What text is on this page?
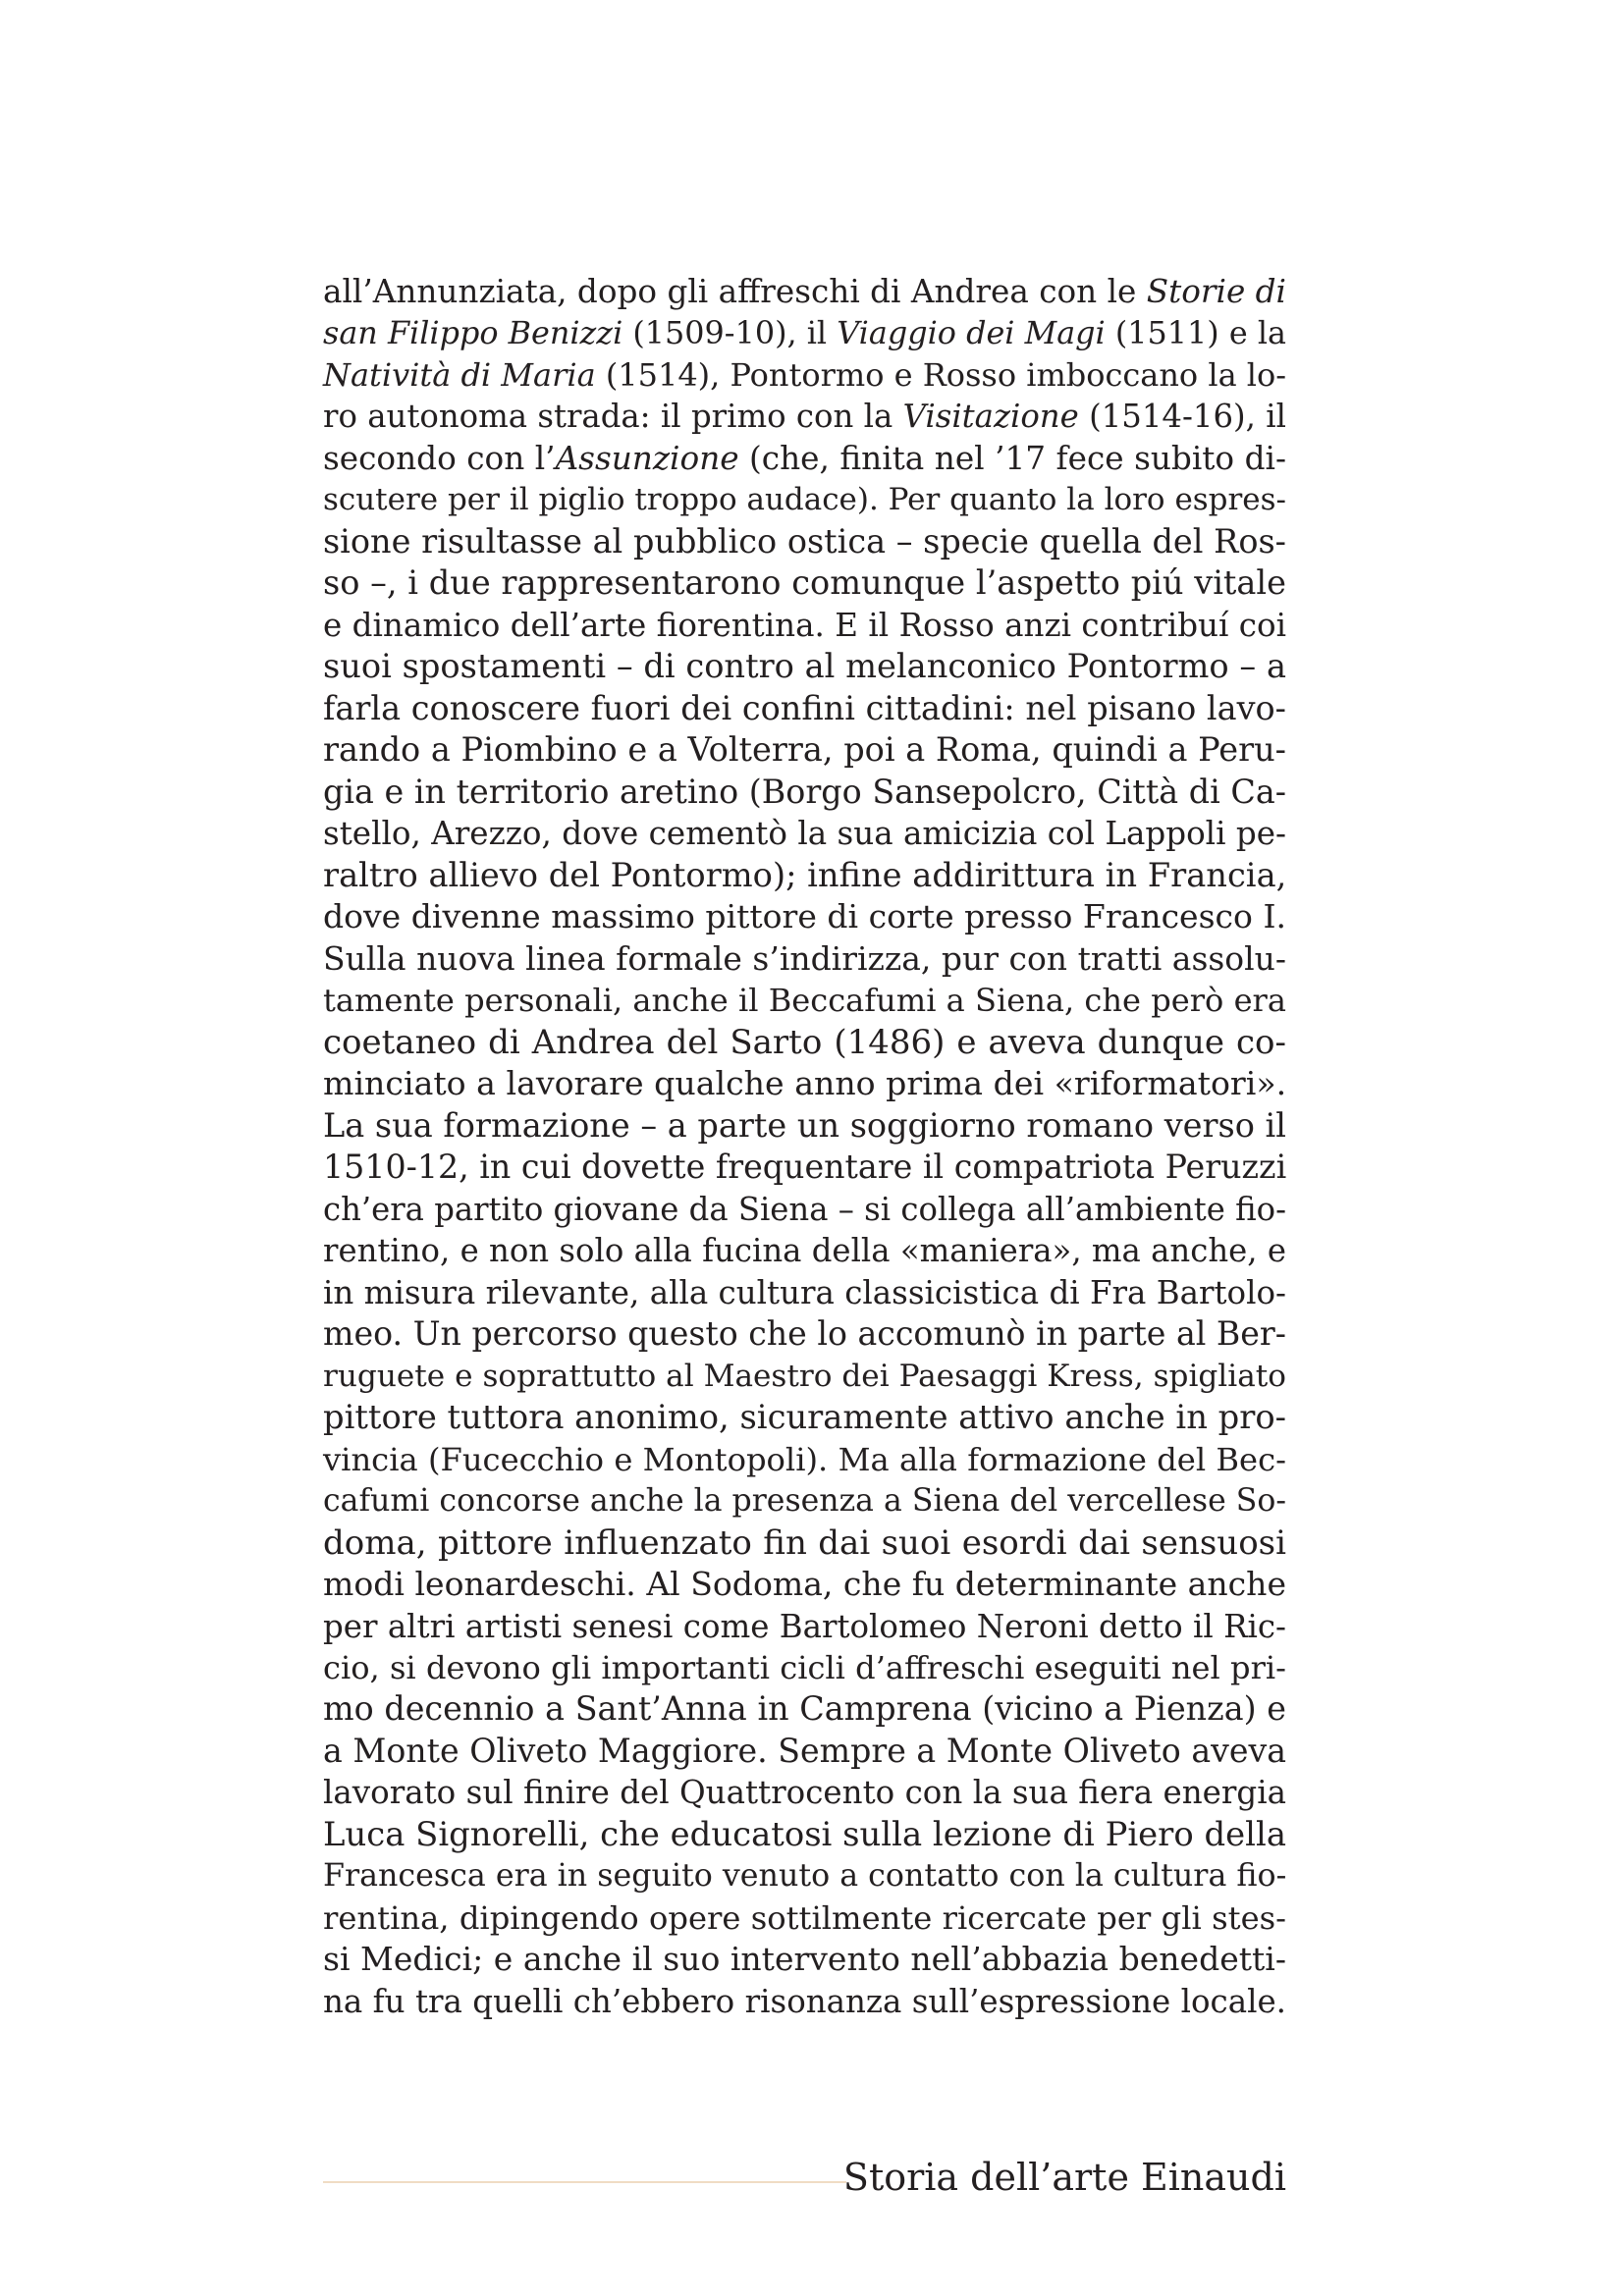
all’Annunziata, dopo gli affreschi di Andrea con le Storie di
san Filippo Benizzi (1509-10), il Viaggio dei Magi (1511) e la
Natività di Maria (1514), Pontormo e Rosso imboccano la lo-
ro autonoma strada: il primo con la Visitazione (1514-16), il
secondo con l’Assunzione (che, finita nel ’17 fece subito di-
scutere per il piglio troppo audace). Per quanto la loro espres-
sione risultasse al pubblico ostica – specie quella del Ros-
so –, i due rappresentarono comunque l’aspetto piú vitale
e dinamico dell’arte fiorentina. E il Rosso anzi contribuí coi
suoi spostamenti – di contro al melanconico Pontormo – a
farla conoscere fuori dei confini cittadini: nel pisano lavo-
rando a Piombino e a Volterra, poi a Roma, quindi a Peru-
gia e in territorio aretino (Borgo Sansepolcro, Città di Ca-
stello, Arezzo, dove cementò la sua amicizia col Lappoli pe-
raltro allievo del Pontormo); infine addirittura in Francia,
dove divenne massimo pittore di corte presso Francesco I.
Sulla nuova linea formale s’indirizza, pur con tratti assolu-
tamente personali, anche il Beccafumi a Siena, che però era
coetaneo di Andrea del Sarto (1486) e aveva dunque co-
minciato a lavorare qualche anno prima dei «riformatori».
La sua formazione – a parte un soggiorno romano verso il
1510-12, in cui dovette frequentare il compatriota Peruzzi
ch’era partito giovane da Siena – si collega all’ambiente fio-
rentino, e non solo alla fucina della «maniera», ma anche, e
in misura rilevante, alla cultura classicistica di Fra Bartolo-
meo. Un percorso questo che lo accomunò in parte al Ber-
ruguete e soprattutto al Maestro dei Paesaggi Kress, spigliato
pittore tuttora anonimo, sicuramente attivo anche in pro-
vincia (Fucecchio e Montopoli). Ma alla formazione del Bec-
cafumi concorse anche la presenza a Siena del vercellese So-
doma, pittore influenzato fin dai suoi esordi dai sensuosi
modi leonardeschi. Al Sodoma, che fu determinante anche
per altri artisti senesi come Bartolomeo Neroni detto il Ric-
cio, si devono gli importanti cicli d’affreschi eseguiti nel pri-
mo decennio a Sant’Anna in Camprena (vicino a Pienza) e
a Monte Oliveto Maggiore. Sempre a Monte Oliveto aveva
lavorato sul finire del Quattrocento con la sua fiera energia
Luca Signorelli, che educatosi sulla lezione di Piero della
Francesca era in seguito venuto a contatto con la cultura fio-
rentina, dipingendo opere sottilmente ricercate per gli stes-
si Medici; e anche il suo intervento nell’abbazia benedetti-
na fu tra quelli ch’ebbero risonanza sull’espressione locale.
Storia dell’arte Einaudi
